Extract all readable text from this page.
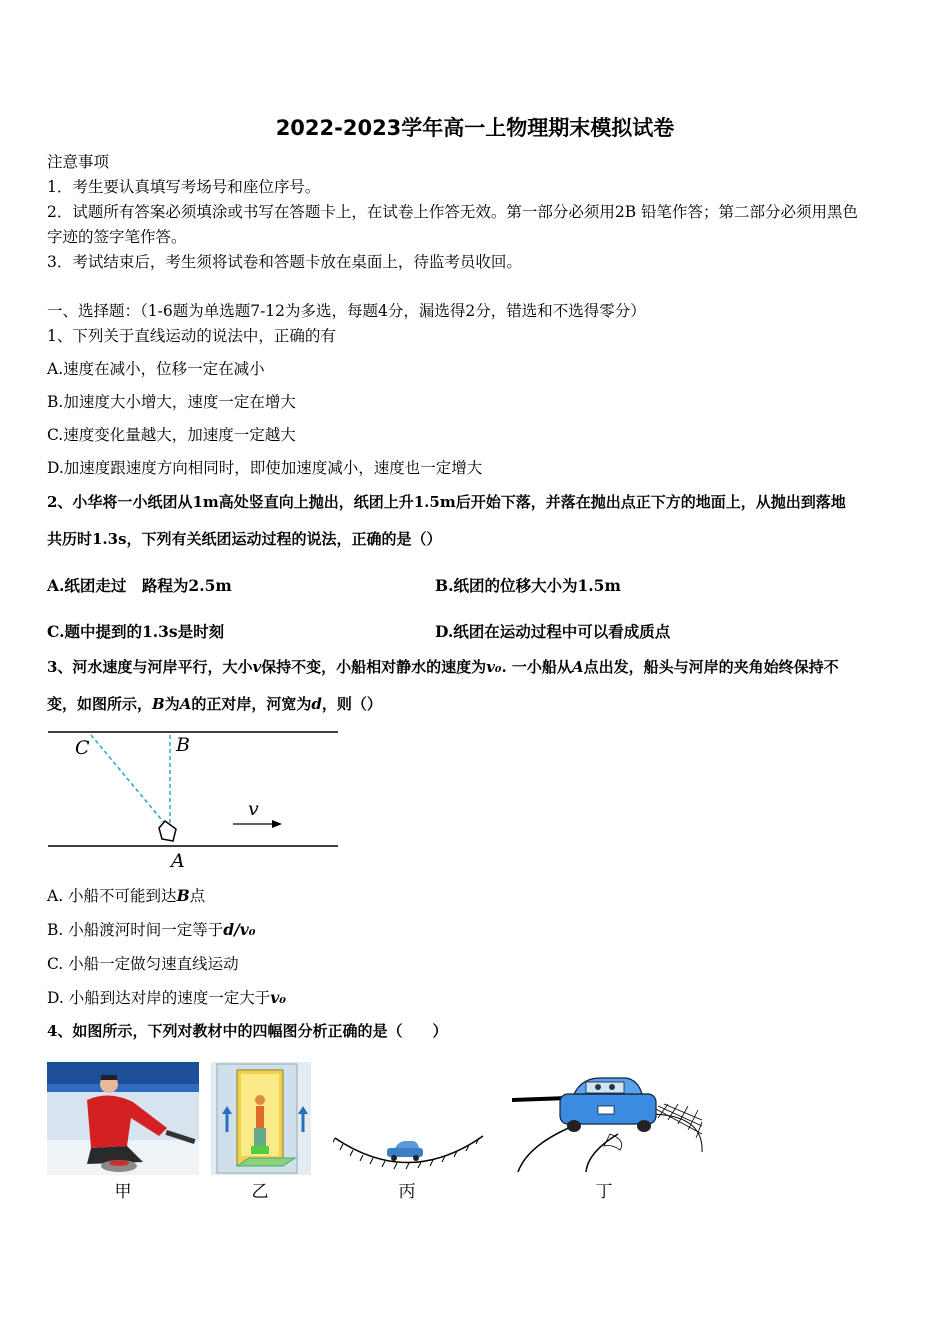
2022-2023学年高一上物理期末模拟试卷
注意事项
1．考生要认真填写考场号和座位序号。
2．试题所有答案必须填涂或书写在答题卡上，在试卷上作答无效。第一部分必须用2B 铅笔作答；第二部分必须用黑色
字迹的签字笔作答。
3．考试结束后，考生须将试卷和答题卡放在桌面上，待监考员收回。
一、选择题：（1-6题为单选题7-12为多选，每题4分，漏选得2分，错选和不选得零分）
1、下列关于直线运动的说法中，正确的有
A.速度在减小，位移一定在减小
B.加速度大小增大，速度一定在增大
C.速度变化量越大，加速度一定越大
D.加速度跟速度方向相同时，即使加速度减小，速度也一定增大
2、小华将一小纸团从1m高处竖直向上抛出，纸团上升1.5m后开始下落，并落在抛出点正下方的地面上，从抛出到落地
共历时1.3s，下列有关纸团运动过程的说法，正确的是（）
A.纸团走过　路程为2.5m	B.纸团的位移大小为1.5m
C.题中提到的1.3s是时刻	D.纸团在运动过程中可以看成质点
3、河水速度与河岸平行，大小v保持不变，小船相对静水的速度为v₀. 一小船从A点出发，船头与河岸的夹角始终保持不
变，如图所示，B为A的正对岸，河宽为d，则（）
C	B
A
v
A. 小船不可能到达B点
B. 小船渡河时间一定等于d/v₀
C. 小船一定做匀速直线运动
D. 小船到达对岸的速度一定大于v₀
4、如图所示，下列对教材中的四幅图分析正确的是（　　）
甲	乙	丙	丁
